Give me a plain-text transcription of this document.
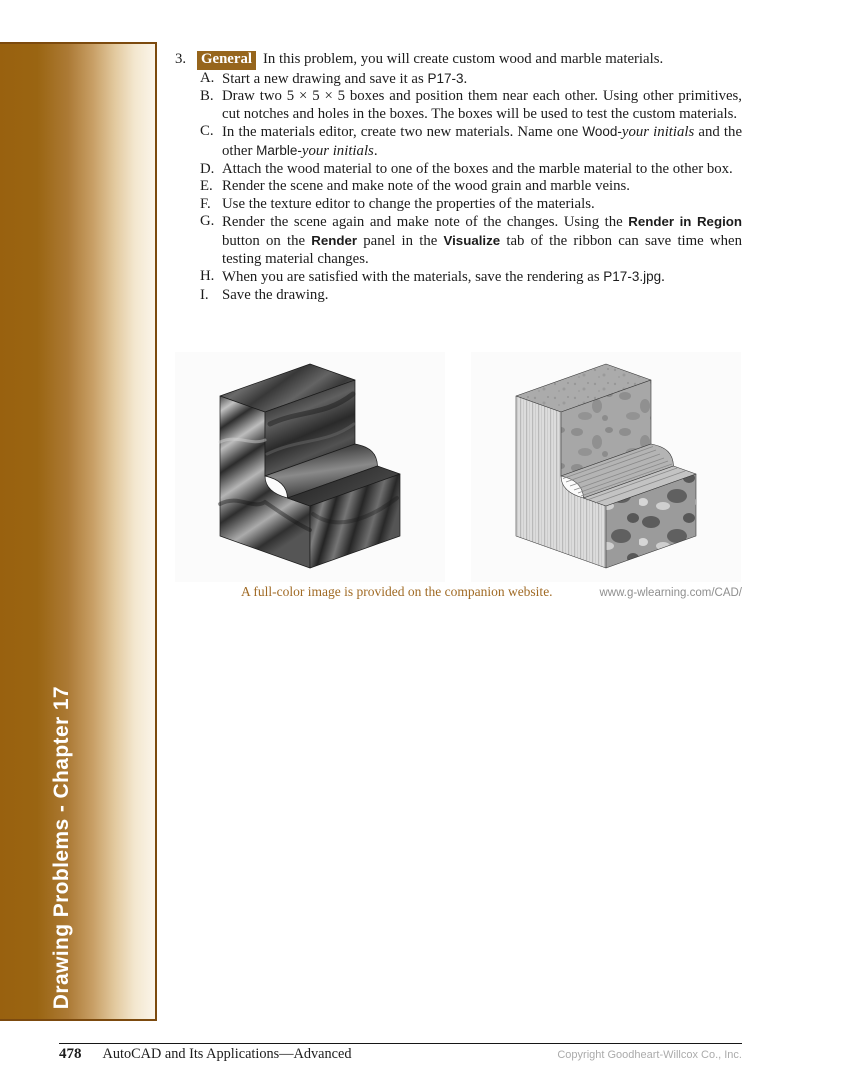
Drawing Problems - Chapter 17
3.	General In this problem, you will create custom wood and marble materials.
A. Start a new drawing and save it as P17-3.
B. Draw two 5 × 5 × 5 boxes and position them near each other. Using other primitives, cut notches and holes in the boxes. The boxes will be used to test the custom materials.
C. In the materials editor, create two new materials. Name one Wood-your initials and the other Marble-your initials.
D. Attach the wood material to one of the boxes and the marble material to the other box.
E. Render the scene and make note of the wood grain and marble veins.
F. Use the texture editor to change the properties of the materials.
G. Render the scene again and make note of the changes. Using the Render in Region button on the Render panel in the Visualize tab of the ribbon can save time when testing material changes.
H. When you are satisfied with the materials, save the rendering as P17-3.jpg.
I. Save the drawing.
A full-color image is provided on the companion website.	www.g-wlearning.com/CAD/
478 AutoCAD and Its Applications—Advanced	Copyright Goodheart-Willcox Co., Inc.
